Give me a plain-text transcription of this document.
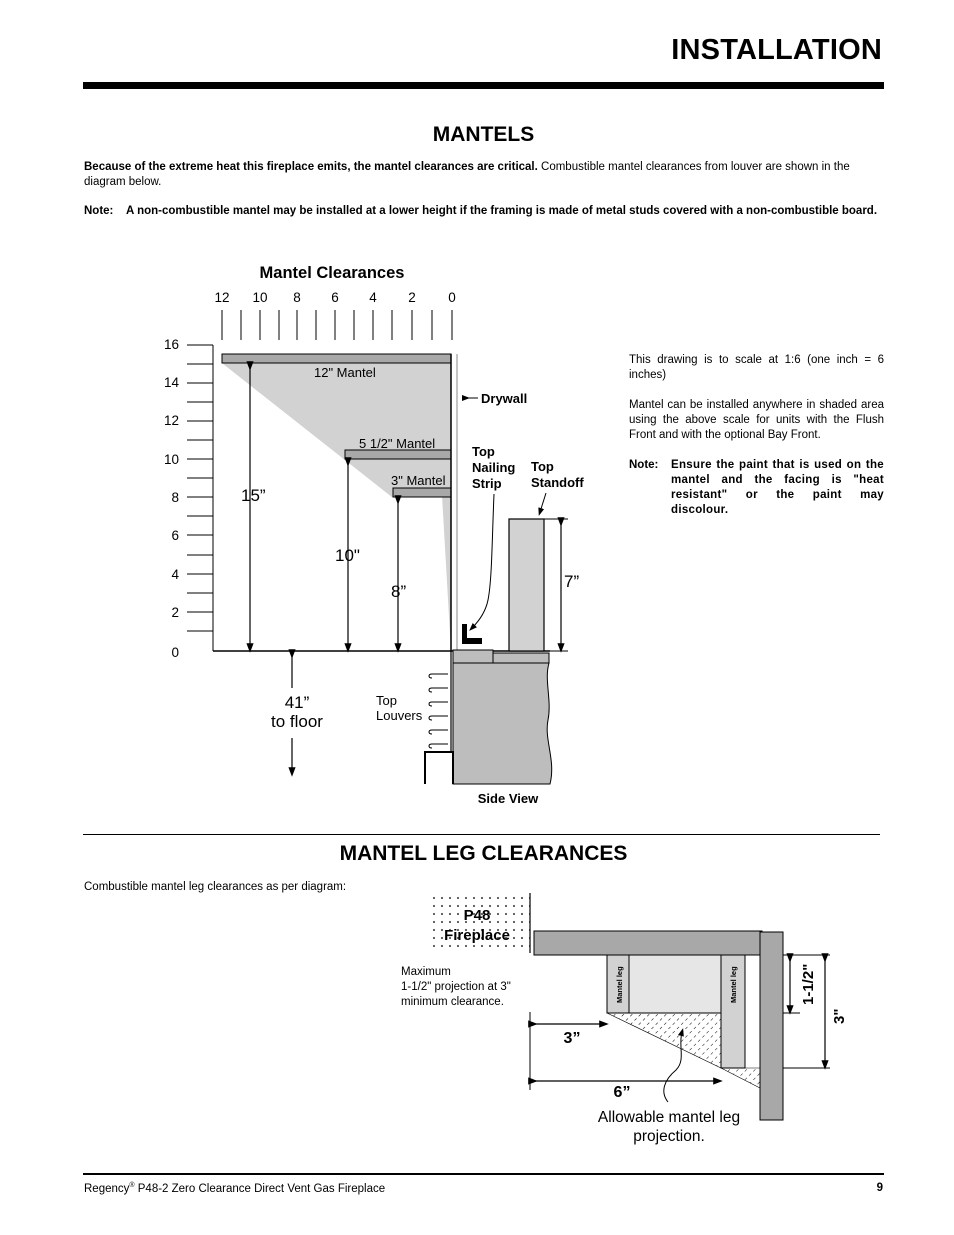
INSTALLATION
MANTELS
Because of the extreme heat this fireplace emits, the mantel clearances are critical. Combustible mantel clearances from louver are shown in the diagram below.
Note: A non-combustible mantel may be installed at a lower height if the framing is made of metal studs covered with a non-combustible board.
Mantel Clearances
12 10 8 6 4 2 0
16
14
12
10
8
6
4
2
0
12" Mantel
5 1/2" Mantel
3" Mantel
Drywall
15”
10"
8”
Top
Nailing
Strip
Top
Standoff
7”
Top
Louvers
41”
to floor
Side View

This drawing is to scale at 1:6 (one inch = 6 inches)

Mantel can be installed anywhere in shaded area using the above scale for units with the Flush Front and with the optional Bay Front.

Note: Ensure the paint that is used on the mantel and the facing is "heat resistant" or the paint may discolour.
MANTEL LEG CLEARANCES
Combustible mantel leg clearances as per diagram:
P48
Fireplace
Mantel leg	Mantel leg
Maximum
1-1/2" projection at 3"
minimum clearance.
3”
6”
1-1/2"
3"
Allowable mantel leg
projection.
Regency® P48-2 Zero Clearance Direct Vent Gas Fireplace	9
